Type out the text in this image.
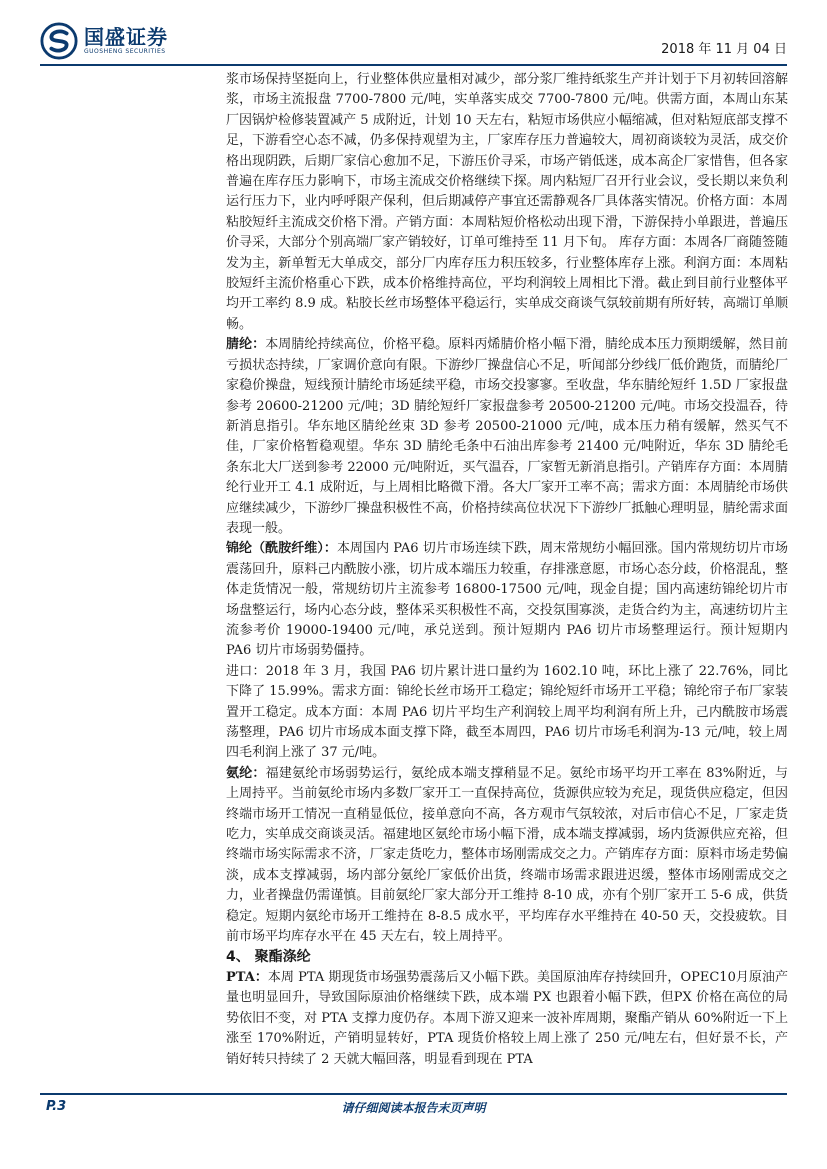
国盛证券
GUOSHENG SECURITIES	2018 年 11 月 04 日

浆市场保持坚挺向上，行业整体供应量相对减少，部分浆厂维持纸浆生产并计划于下月初转回溶解浆，市场主流报盘 7700-7800 元/吨，实单落实成交 7700-7800 元/吨。供需方面，本周山东某厂因锅炉检修装置减产 5 成附近，计划 10 天左右，粘短市场供应小幅缩减，但对粘短底部支撑不足，下游看空心态不减，仍多保持观望为主，厂家库存压力普遍较大，周初商谈较为灵活，成交价格出现阴跌，后期厂家信心愈加不足，下游压价寻采，市场产销低迷，成本高企厂家惜售，但各家普遍在库存压力影响下，市场主流成交价格继续下探。周内粘短厂召开行业会议，受长期以来负利运行压力下，业内呼呼限产保利，但后期减停产事宜还需静观各厂具体落实情况。价格方面：本周粘胶短纤主流成交价格下滑。产销方面：本周粘短价格松动出现下滑，下游保持小单跟进，普遍压价寻采，大部分个别高端厂家产销较好，订单可维持至 11 月下旬。 库存方面：本周各厂商随签随发为主，新单暂无大单成交，部分厂内库存压力积压较多，行业整体库存上涨。利润方面：本周粘胶短纤主流价格重心下跌，成本价格维持高位，平均利润较上周相比下滑。截止到目前行业整体平均开工率约 8.9 成。粘胶长丝市场整体平稳运行，实单成交商谈气氛较前期有所好转，高端订单顺畅。

腈纶：本周腈纶持续高位，价格平稳。原料丙烯腈价格小幅下滑，腈纶成本压力预期缓解，然目前亏损状态持续，厂家调价意向有限。下游纱厂操盘信心不足，听闻部分纱线厂低价跑货，而腈纶厂家稳价操盘，短线预计腈纶市场延续平稳，市场交投寥寥。至收盘，华东腈纶短纤 1.5D 厂家报盘参考 20600-21200 元/吨；3D 腈纶短纤厂家报盘参考 20500-21200 元/吨。市场交投温吞，待新消息指引。华东地区腈纶丝束 3D 参考 20500-21000 元/吨，成本压力稍有缓解，然买气不佳，厂家价格暂稳观望。华东 3D 腈纶毛条中石油出库参考 21400 元/吨附近，华东 3D 腈纶毛条东北大厂送到参考 22000 元/吨附近，买气温吞，厂家暂无新消息指引。产销库存方面：本周腈纶行业开工 4.1 成附近，与上周相比略微下滑。各大厂家开工率不高；需求方面：本周腈纶市场供应继续减少，下游纱厂操盘积极性不高，价格持续高位状况下下游纱厂抵触心理明显，腈纶需求面表现一般。

锦纶（酰胺纤维）：本周国内 PA6 切片市场连续下跌，周末常规纺小幅回涨。国内常规纺切片市场震荡回升，原料己内酰胺小涨，切片成本端压力较重，存排涨意愿，市场心态分歧，价格混乱，整体走货情况一般，常规纺切片主流参考 16800-17500 元/吨，现金自提；国内高速纺锦纶切片市场盘整运行，场内心态分歧，整体采买积极性不高，交投氛围寡淡，走货合约为主，高速纺切片主流参考价 19000-19400 元/吨，承兑送到。预计短期内 PA6 切片市场整理运行。预计短期内 PA6 切片市场弱势僵持。

进口：2018 年 3 月，我国 PA6 切片累计进口量约为 1602.10 吨，环比上涨了 22.76%，同比下降了 15.99%。需求方面：锦纶长丝市场开工稳定；锦纶短纤市场开工平稳；锦纶帘子布厂家装置开工稳定。成本方面：本周 PA6 切片平均生产利润较上周平均利润有所上升，己内酰胺市场震荡整理，PA6 切片市场成本面支撑下降，截至本周四，PA6 切片市场毛利润为-13 元/吨，较上周四毛利润上涨了 37 元/吨。

氨纶：福建氨纶市场弱势运行，氨纶成本端支撑稍显不足。氨纶市场平均开工率在 83%附近，与上周持平。当前氨纶市场内多数厂家开工一直保持高位，货源供应较为充足，现货供应稳定，但因终端市场开工情况一直稍显低位，接单意向不高，各方观市气氛较浓，对后市信心不足，厂家走货吃力，实单成交商谈灵活。福建地区氨纶市场小幅下滑，成本端支撑减弱，场内货源供应充裕，但终端市场实际需求不济，厂家走货吃力，整体市场刚需成交之力。产销库存方面：原料市场走势偏淡，成本支撑减弱，场内部分氨纶厂家低价出货，终端市场需求跟进迟缓，整体市场刚需成交之力，业者操盘仍需谨慎。目前氨纶厂家大部分开工维持 8-10 成，亦有个别厂家开工 5-6 成，供货稳定。短期内氨纶市场开工维持在 8-8.5 成水平，平均库存水平维持在 40-50 天，交投疲软。目前市场平均库存水平在 45 天左右，较上周持平。

4、 聚酯涤纶

PTA：本周 PTA 期现货市场强势震荡后又小幅下跌。美国原油库存持续回升，OPEC10月原油产量也明显回升，导致国际原油价格继续下跌，成本端 PX 也跟着小幅下跌，但PX 价格在高位的局势依旧不变，对 PTA 支撑力度仍存。本周下游又迎来一波补库周期，聚酯产销从 60%附近一下上涨至 170%附近，产销明显转好，PTA 现货价格较上周上涨了 250 元/吨左右，但好景不长，产销好转只持续了 2 天就大幅回落，明显看到现在 PTA

P.3	请仔细阅读本报告末页声明
